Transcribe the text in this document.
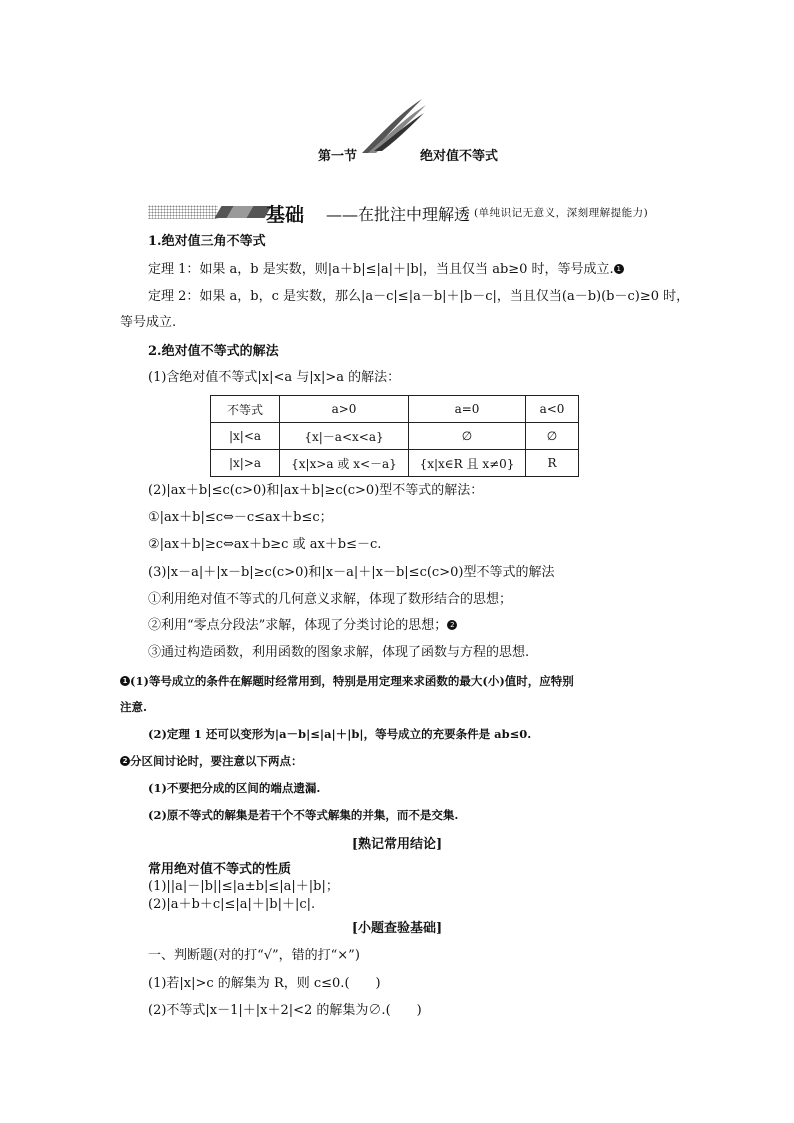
第一节	绝对值不等式
基础 ——在批注中理解透 (单纯识记无意义，深刻理解提能力)
1.绝对值三角不等式
定理 1：如果 a，b 是实数，则|a＋b|≤|a|＋|b|，当且仅当 ab≥0 时，等号成立. 1
定理 2：如果 a，b，c 是实数，那么|a－c|≤|a－b|＋|b－c|，当且仅当(a－b)(b－c)≥0 时，
等号成立.
2.绝对值不等式的解法
(1)含绝对值不等式|x|<a 与|x|>a 的解法：
不等式	a>0	a=0	a<0
|x|<a	{x|－a<x<a}	∅	∅
|x|>a	{x|x>a 或 x<－a}	{x|x∈R 且 x≠0}	R
(2)|ax＋b|≤c(c>0)和|ax＋b|≥c(c>0)型不等式的解法：
①|ax＋b|≤c⇔－c≤ax＋b≤c；
②|ax＋b|≥c⇔ax＋b≥c 或 ax＋b≤－c.
(3)|x－a|＋|x－b|≥c(c>0)和|x－a|＋|x－b|≤c(c>0)型不等式的解法
①利用绝对值不等式的几何意义求解，体现了数形结合的思想；
②利用“零点分段法”求解，体现了分类讨论的思想； 2
③通过构造函数，利用函数的图象求解，体现了函数与方程的思想.
1 (1)等号成立的条件在解题时经常用到，特别是用定理来求函数的最大(小)值时，应特别
注意.
(2)定理 1 还可以变形为|a－b|≤|a|＋|b|，等号成立的充要条件是 ab≤0.
2 分区间讨论时，要注意以下两点：
(1)不要把分成的区间的端点遗漏.
(2)原不等式的解集是若干个不等式解集的并集，而不是交集.
[熟记常用结论]
常用绝对值不等式的性质
(1)||a|－|b||≤|a±b|≤|a|＋|b|；
(2)|a＋b＋c|≤|a|＋|b|＋|c|.
[小题查验基础]
一、判断题(对的打“√”，错的打“×”)
(1)若|x|>c 的解集为 R，则 c≤0.(　　)
(2)不等式|x－1|＋|x＋2|<2 的解集为∅.(　　)
